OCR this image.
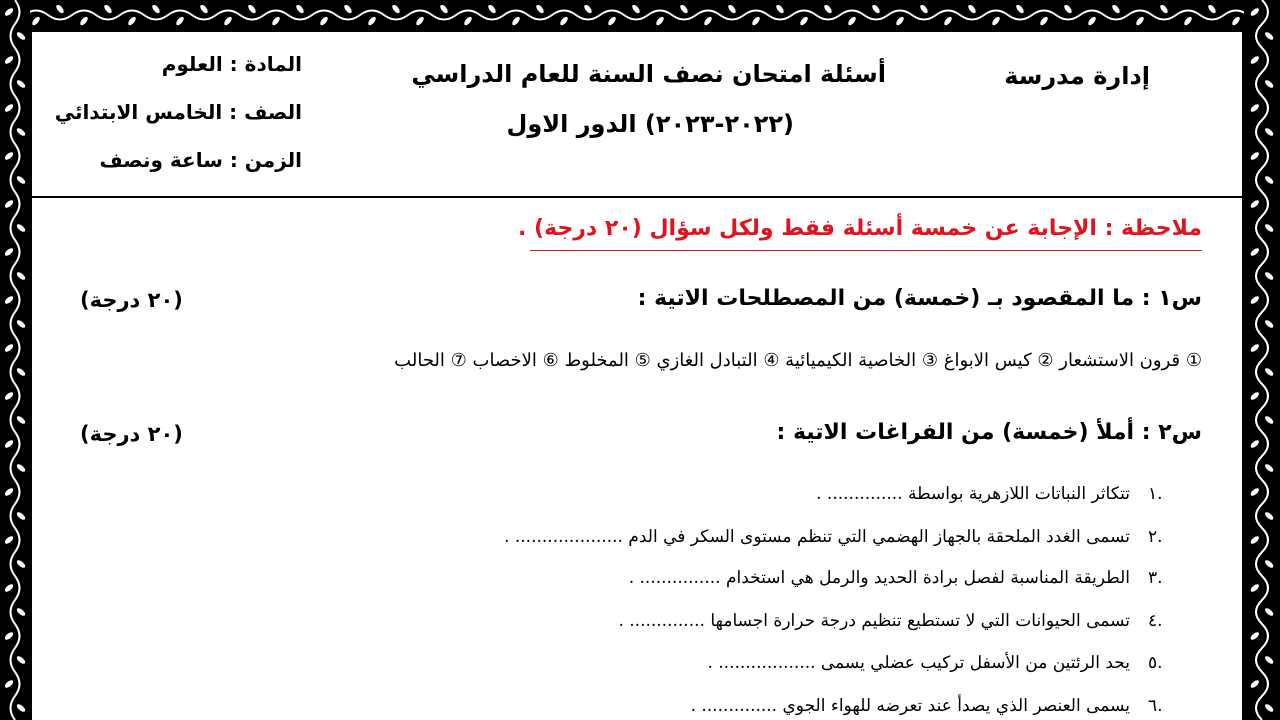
إدارة مدرسة
أسئلة امتحان نصف السنة للعام الدراسي
(٢٠٢٢-٢٠٢٣) الدور الاول
المادة : العلوم
الصف : الخامس الابتدائي
الزمن : ساعة ونصف
ملاحظة : الإجابة عن خمسة أسئلة فقط ولكل سؤال (٢٠ درجة) .
س١ : ما المقصود بـ (خمسة) من المصطلحات الاتية :
(٢٠ درجة)
① قرون الاستشعار ② كيس الابواغ ③ الخاصية الكيميائية ④ التبادل الغازي ⑤ المخلوط ⑥ الاخصاب ⑦ الحالب
س٢ : أملأ (خمسة) من الفراغات الاتية :
(٢٠ درجة)
١.
تتكاثر النباتات اللازهرية بواسطة .............. .
٢.
تسمى الغدد الملحقة بالجهاز الهضمي التي تنظم مستوى السكر في الدم .................... .
٣.
الطريقة المناسبة لفصل برادة الحديد والرمل هي استخدام ............... .
٤.
تسمى الحيوانات التي لا تستطيع تنظيم درجة حرارة اجسامها .............. .
٥.
يحد الرئتين من الأسفل تركيب عضلي يسمى .................. .
٦.
يسمى العنصر الذي يصدأ عند تعرضه للهواء الجوي .............. .
